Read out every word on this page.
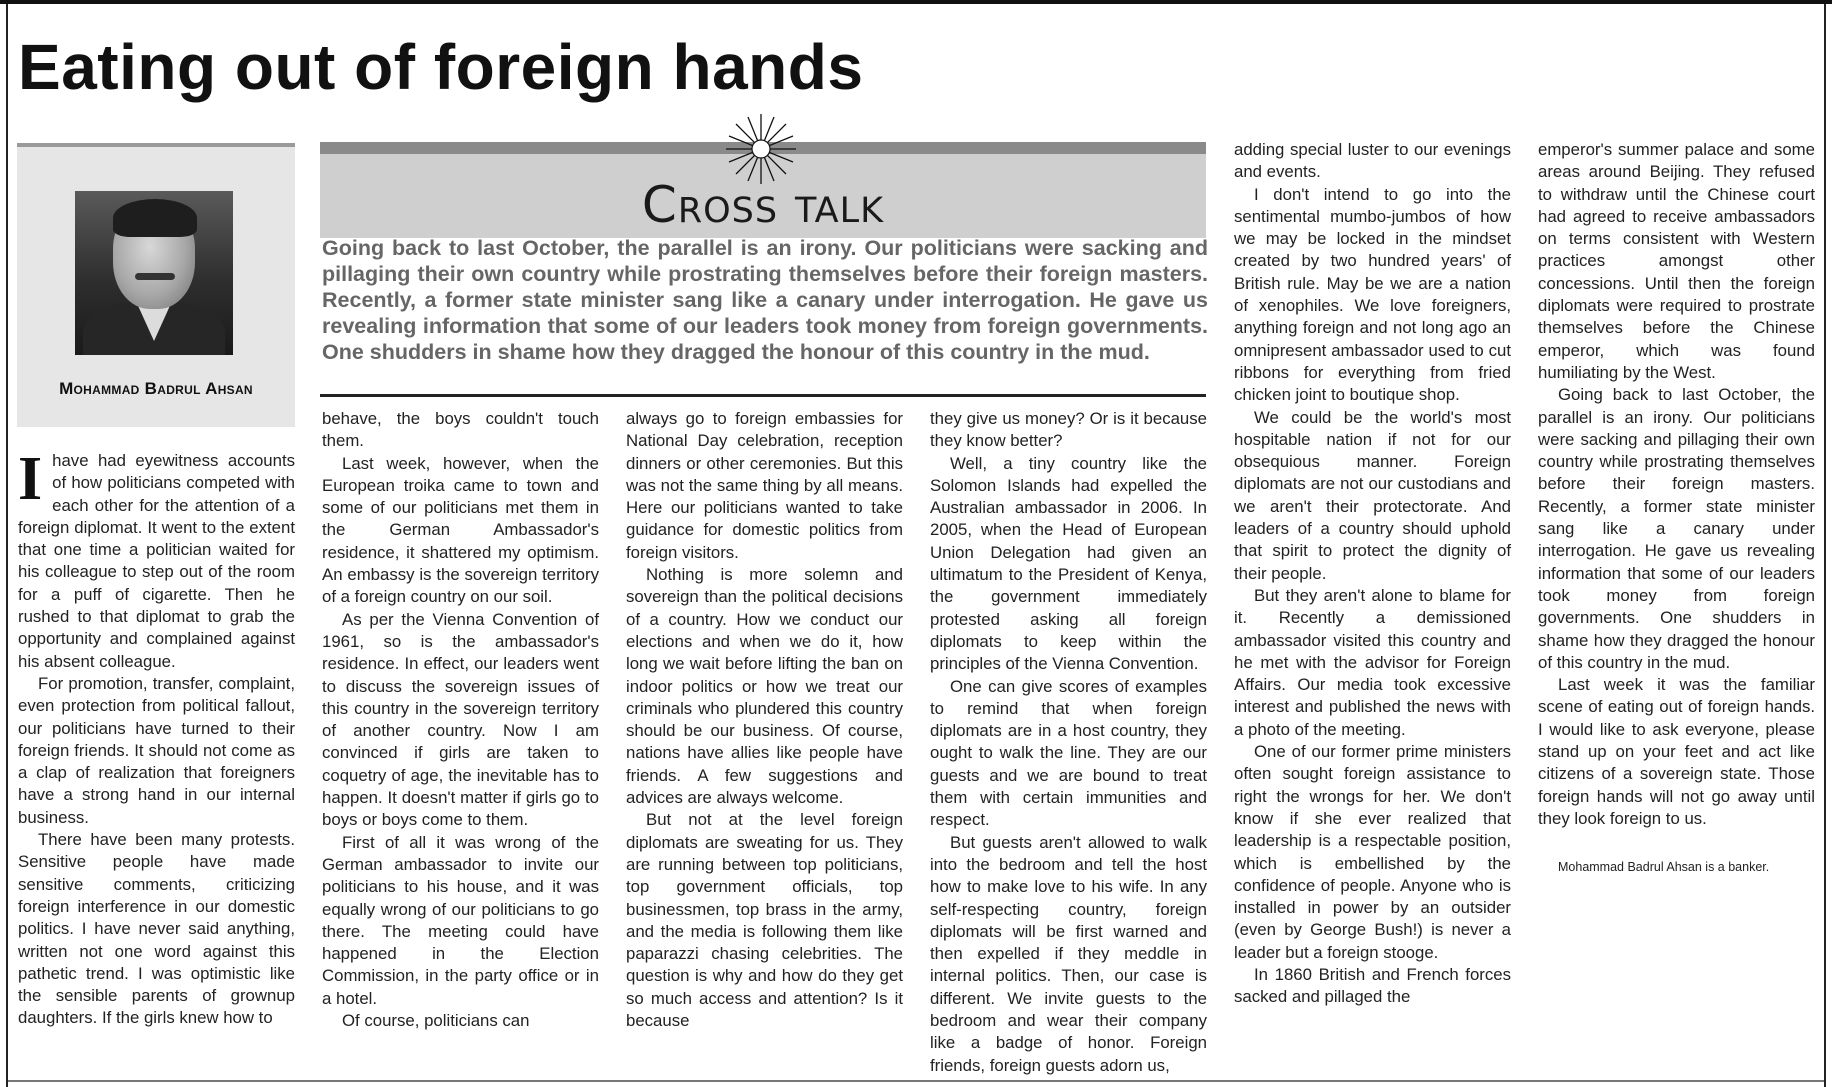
Eating out of foreign hands
Mohammad Badrul Ahsan
Cross talk

Going back to last October, the parallel is an irony. Our politicians were sacking and pillaging their own country while prostrating themselves before their foreign masters. Recently, a former state minister sang like a canary under interrogation. He gave us revealing information that some of our leaders took money from foreign governments. One shudders in shame how they dragged the honour of this country in the mud.

Ihave had eyewitness accounts of how politicians competed with each other for the attention of a foreign diplomat. It went to the extent that one time a politician waited for his colleague to step out of the room for a puff of cigarette. Then he rushed to that diplomat to grab the opportunity and complained against his absent colleague.

For promotion, transfer, complaint, even protection from political fallout, our politicians have turned to their foreign friends. It should not come as a clap of realization that foreigners have a strong hand in our internal business.

There have been many protests. Sensitive people have made sensitive comments, criticizing foreign interference in our domestic politics. I have never said anything, written not one word against this pathetic trend. I was optimistic like the sensible parents of grownup daughters. If the girls knew how to

behave, the boys couldn't touch them.

Last week, however, when the European troika came to town and some of our politicians met them in the German Ambassador's residence, it shattered my optimism. An embassy is the sovereign territory of a foreign country on our soil.

As per the Vienna Convention of 1961, so is the ambassador's residence. In effect, our leaders went to discuss the sovereign issues of this country in the sovereign territory of another country. Now I am convinced if girls are taken to coquetry of age, the inevitable has to happen. It doesn't matter if girls go to boys or boys come to them.

First of all it was wrong of the German ambassador to invite our politicians to his house, and it was equally wrong of our politicians to go there. The meeting could have happened in the Election Commission, in the party office or in a hotel.

Of course, politicians can

always go to foreign embassies for National Day celebration, reception dinners or other ceremonies. But this was not the same thing by all means. Here our politicians wanted to take guidance for domestic politics from foreign visitors.

Nothing is more solemn and sovereign than the political decisions of a country. How we conduct our elections and when we do it, how long we wait before lifting the ban on indoor politics or how we treat our criminals who plundered this country should be our business. Of course, nations have allies like people have friends. A few suggestions and advices are always welcome.

But not at the level foreign diplomats are sweating for us. They are running between top politicians, top government officials, top businessmen, top brass in the army, and the media is following them like paparazzi chasing celebrities. The question is why and how do they get so much access and attention? Is it because

they give us money? Or is it because they know better?

Well, a tiny country like the Solomon Islands had expelled the Australian ambassador in 2006. In 2005, when the Head of European Union Delegation had given an ultimatum to the President of Kenya, the government immediately protested asking all foreign diplomats to keep within the principles of the Vienna Convention.

One can give scores of examples to remind that when foreign diplomats are in a host country, they ought to walk the line. They are our guests and we are bound to treat them with certain immunities and respect.

But guests aren't allowed to walk into the bedroom and tell the host how to make love to his wife. In any self-respecting country, foreign diplomats will be first warned and then expelled if they meddle in internal politics. Then, our case is different. We invite guests to the bedroom and wear their company like a badge of honor. Foreign friends, foreign guests adorn us,

adding special luster to our evenings and events.

I don't intend to go into the sentimental mumbo-jumbos of how we may be locked in the mindset created by two hundred years' of British rule. May be we are a nation of xenophiles. We love foreigners, anything foreign and not long ago an omnipresent ambassador used to cut ribbons for everything from fried chicken joint to boutique shop.

We could be the world's most hospitable nation if not for our obsequious manner. Foreign diplomats are not our custodians and we aren't their protectorate. And leaders of a country should uphold that spirit to protect the dignity of their people.

But they aren't alone to blame for it. Recently a demissioned ambassador visited this country and he met with the advisor for Foreign Affairs. Our media took excessive interest and published the news with a photo of the meeting.

One of our former prime ministers often sought foreign assistance to right the wrongs for her. We don't know if she ever realized that leadership is a respectable position, which is embellished by the confidence of people. Anyone who is installed in power by an outsider (even by George Bush!) is never a leader but a foreign stooge.

In 1860 British and French forces sacked and pillaged the

emperor's summer palace and some areas around Beijing. They refused to withdraw until the Chinese court had agreed to receive ambassadors on terms consistent with Western practices amongst other concessions. Until then the foreign diplomats were required to prostrate themselves before the Chinese emperor, which was found humiliating by the West.

Going back to last October, the parallel is an irony. Our politicians were sacking and pillaging their own country while prostrating themselves before their foreign masters. Recently, a former state minister sang like a canary under interrogation. He gave us revealing information that some of our leaders took money from foreign governments. One shudders in shame how they dragged the honour of this country in the mud.

Last week it was the familiar scene of eating out of foreign hands. I would like to ask everyone, please stand up on your feet and act like citizens of a sovereign state. Those foreign hands will not go away until they look foreign to us.

Mohammad Badrul Ahsan is a banker.
